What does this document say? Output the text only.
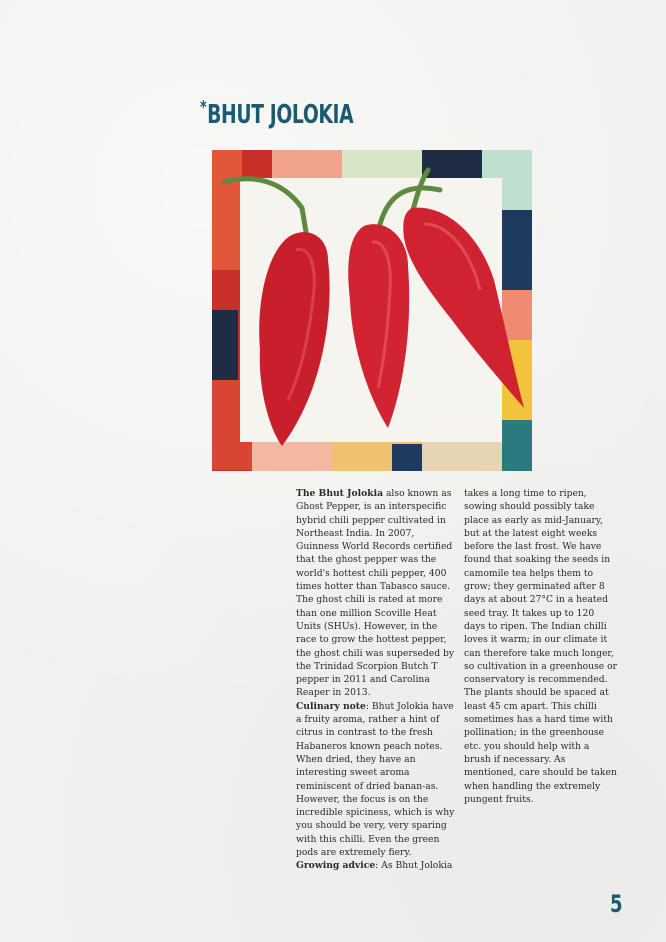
*BHUT JOLOKIA

The Bhut Jolokia also known as Ghost Pepper, is an interspecific hybrid chili pepper cultivated in Northeast India. In 2007, Guinness World Records certified that the ghost pepper was the world's hottest chili pepper, 400 times hotter than Tabasco sauce. The ghost chili is rated at more than one million Scoville Heat Units (SHUs). However, in the race to grow the hottest pepper, the ghost chili was superseded by the Trinidad Scorpion Butch T pepper in 2011 and Carolina Reaper in 2013.

Culinary note: Bhut Jolokia have a fruity aroma, rather a hint of citrus in contrast to the fresh Habaneros known peach notes. When dried, they have an interesting sweet aroma reminiscent of dried banan-as. However, the focus is on the incredible spiciness, which is why you should be very, very sparing with this chilli. Even the green pods are extremely fiery.

Growing advice: As Bhut Jolokia

takes a long time to ripen, sowing should possibly take place as early as mid-January, but at the latest eight weeks before the last frost. We have found that soaking the seeds in camomile tea helps them to grow; they germinated after 8 days at about 27°C in a heated seed tray. It takes up to 120 days to ripen. The Indian chilli loves it warm; in our climate it can therefore take much longer, so cultivation in a greenhouse or conservatory is recommended. The plants should be spaced at least 45 cm apart. This chilli sometimes has a hard time with pollination; in the greenhouse etc. you should help with a brush if necessary. As mentioned, care should be taken when handling the extremely pungent fruits.

5
